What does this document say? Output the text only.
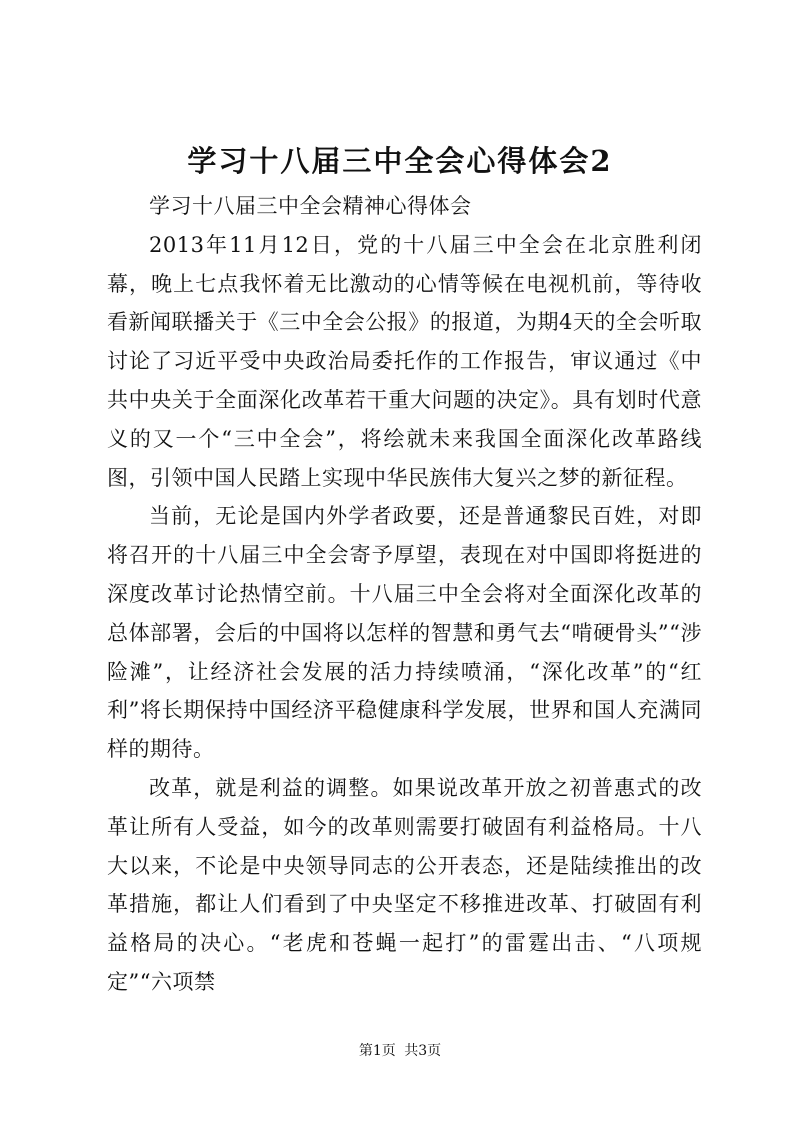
学习十八届三中全会心得体会2

学习十八届三中全会精神心得体会

2013年11月12日，党的十八届三中全会在北京胜利闭幕，晚上七点我怀着无比激动的心情等候在电视机前，等待收看新闻联播关于《三中全会公报》的报道，为期4天的全会听取讨论了习近平受中央政治局委托作的工作报告，审议通过《中共中央关于全面深化改革若干重大问题的决定》。具有划时代意义的又一个“三中全会”，将绘就未来我国全面深化改革路线图，引领中国人民踏上实现中华民族伟大复兴之梦的新征程。

当前，无论是国内外学者政要，还是普通黎民百姓，对即将召开的十八届三中全会寄予厚望，表现在对中国即将挺进的深度改革讨论热情空前。十八届三中全会将对全面深化改革的总体部署，会后的中国将以怎样的智慧和勇气去“啃硬骨头”“涉险滩”，让经济社会发展的活力持续喷涌，“深化改革”的“红利”将长期保持中国经济平稳健康科学发展，世界和国人充满同样的期待。

改革，就是利益的调整。如果说改革开放之初普惠式的改革让所有人受益，如今的改革则需要打破固有利益格局。十八大以来，不论是中央领导同志的公开表态，还是陆续推出的改革措施，都让人们看到了中央坚定不移推进改革、打破固有利益格局的决心。“老虎和苍蝇一起打”的雷霆出击、“八项规定”“六项禁

第1页 共3页
